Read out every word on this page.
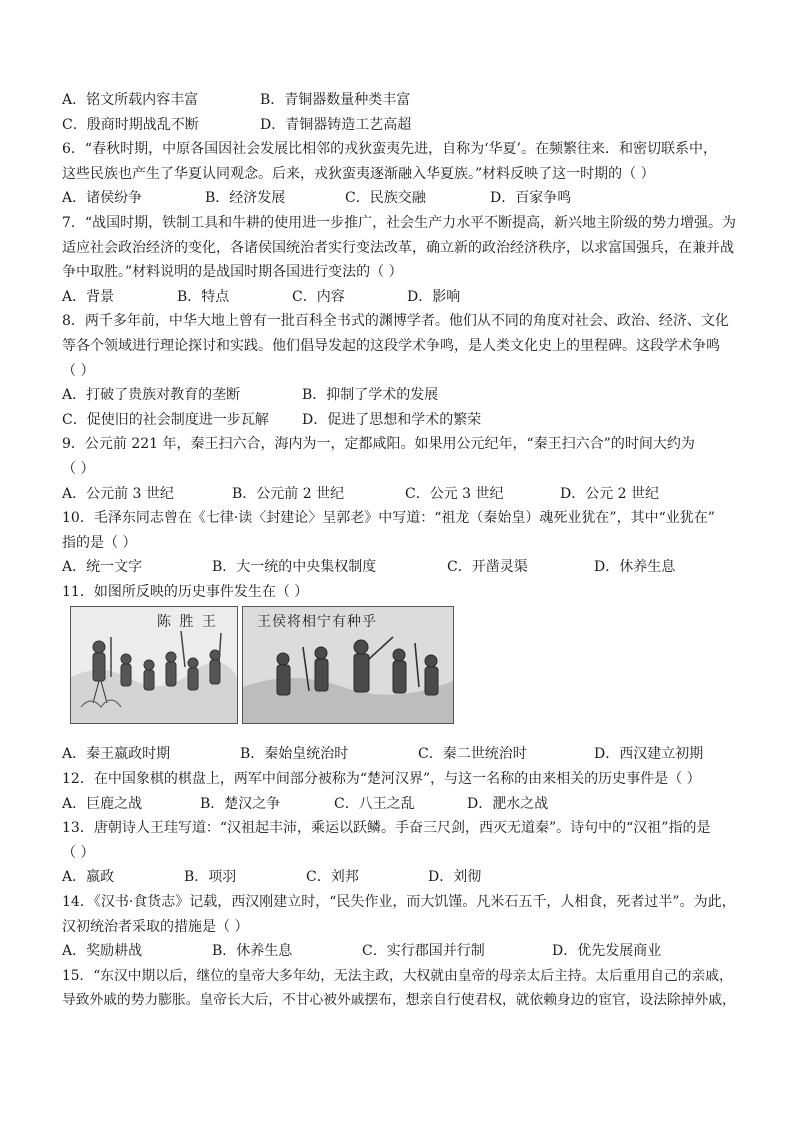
A．铭文所载内容丰富	B．青铜器数量种类丰富
C．殷商时期战乱不断	D．青铜器铸造工艺高超
6．“春秋时期，中原各国因社会发展比相邻的戎狄蛮夷先进，自称为‘华夏’。在频繁往来．和密切联系中，
这些民族也产生了华夏认同观念。后来，戎狄蛮夷逐渐融入华夏族。”材料反映了这一时期的（ ）
A．诸侯纷争	B．经济发展	C．民族交融	D．百家争鸣
7．“战国时期，铁制工具和牛耕的使用进一步推广，社会生产力水平不断提高，新兴地主阶级的势力增强。为
适应社会政治经济的变化，各诸侯国统治者实行变法改革，确立新的政治经济秩序，以求富国强兵，在兼并战
争中取胜。”材料说明的是战国时期各国进行变法的（ ）
A．背景	B．特点	C．内容	D．影响
8．两千多年前，中华大地上曾有一批百科全书式的渊博学者。他们从不同的角度对社会、政治、经济、文化
等各个领域进行理论探讨和实践。他们倡导发起的这段学术争鸣，是人类文化史上的里程碑。这段学术争鸣
（ ）
A．打破了贵族对教育的垄断	B．抑制了学术的发展
C．促使旧的社会制度进一步瓦解 D．促进了思想和学术的繁荣
9．公元前 221 年，秦王扫六合，海内为一，定都咸阳。如果用公元纪年，“秦王扫六合”的时间大约为
（ ）
A．公元前 3 世纪	B．公元前 2 世纪	C．公元 3 世纪	D．公元 2 世纪
10．毛泽东同志曾在《七律·读〈封建论〉呈郭老》中写道：“祖龙（秦始皇）魂死业犹在”，其中“业犹在”
指的是（ ）
A．统一文字	B．大一统的中央集权制度	C．开凿灵渠	D．休养生息
11．如图所反映的历史事件发生在（ ）
陈 胜 王	王侯将相宁有种乎
A．秦王嬴政时期	B．秦始皇统治时	C．秦二世统治时	D．西汉建立初期
12．在中国象棋的棋盘上，两军中间部分被称为“楚河汉界”，与这一名称的由来相关的历史事件是（ ）
A．巨鹿之战	B．楚汉之争	C．八王之乱	D．淝水之战
13．唐朝诗人王珪写道：“汉祖起丰沛，乘运以跃鳞。手奋三尺剑，西灭无道秦”。诗句中的“汉祖”指的是
（ ）
A．嬴政	B．项羽	C．刘邦	D．刘彻
14．《汉书·食货志》记载，西汉刚建立时，“民失作业，而大饥馑。凡米石五千，人相食，死者过半”。为此，
汉初统治者采取的措施是（ ）
A．奖励耕战	B．休养生息	C．实行郡国并行制	D．优先发展商业
15．“东汉中期以后，继位的皇帝大多年幼，无法主政，大权就由皇帝的母亲太后主持。太后重用自己的亲戚，
导致外戚的势力膨胀。皇帝长大后，不甘心被外戚摆布，想亲自行使君权，就依赖身边的宦官，设法除掉外戚，
